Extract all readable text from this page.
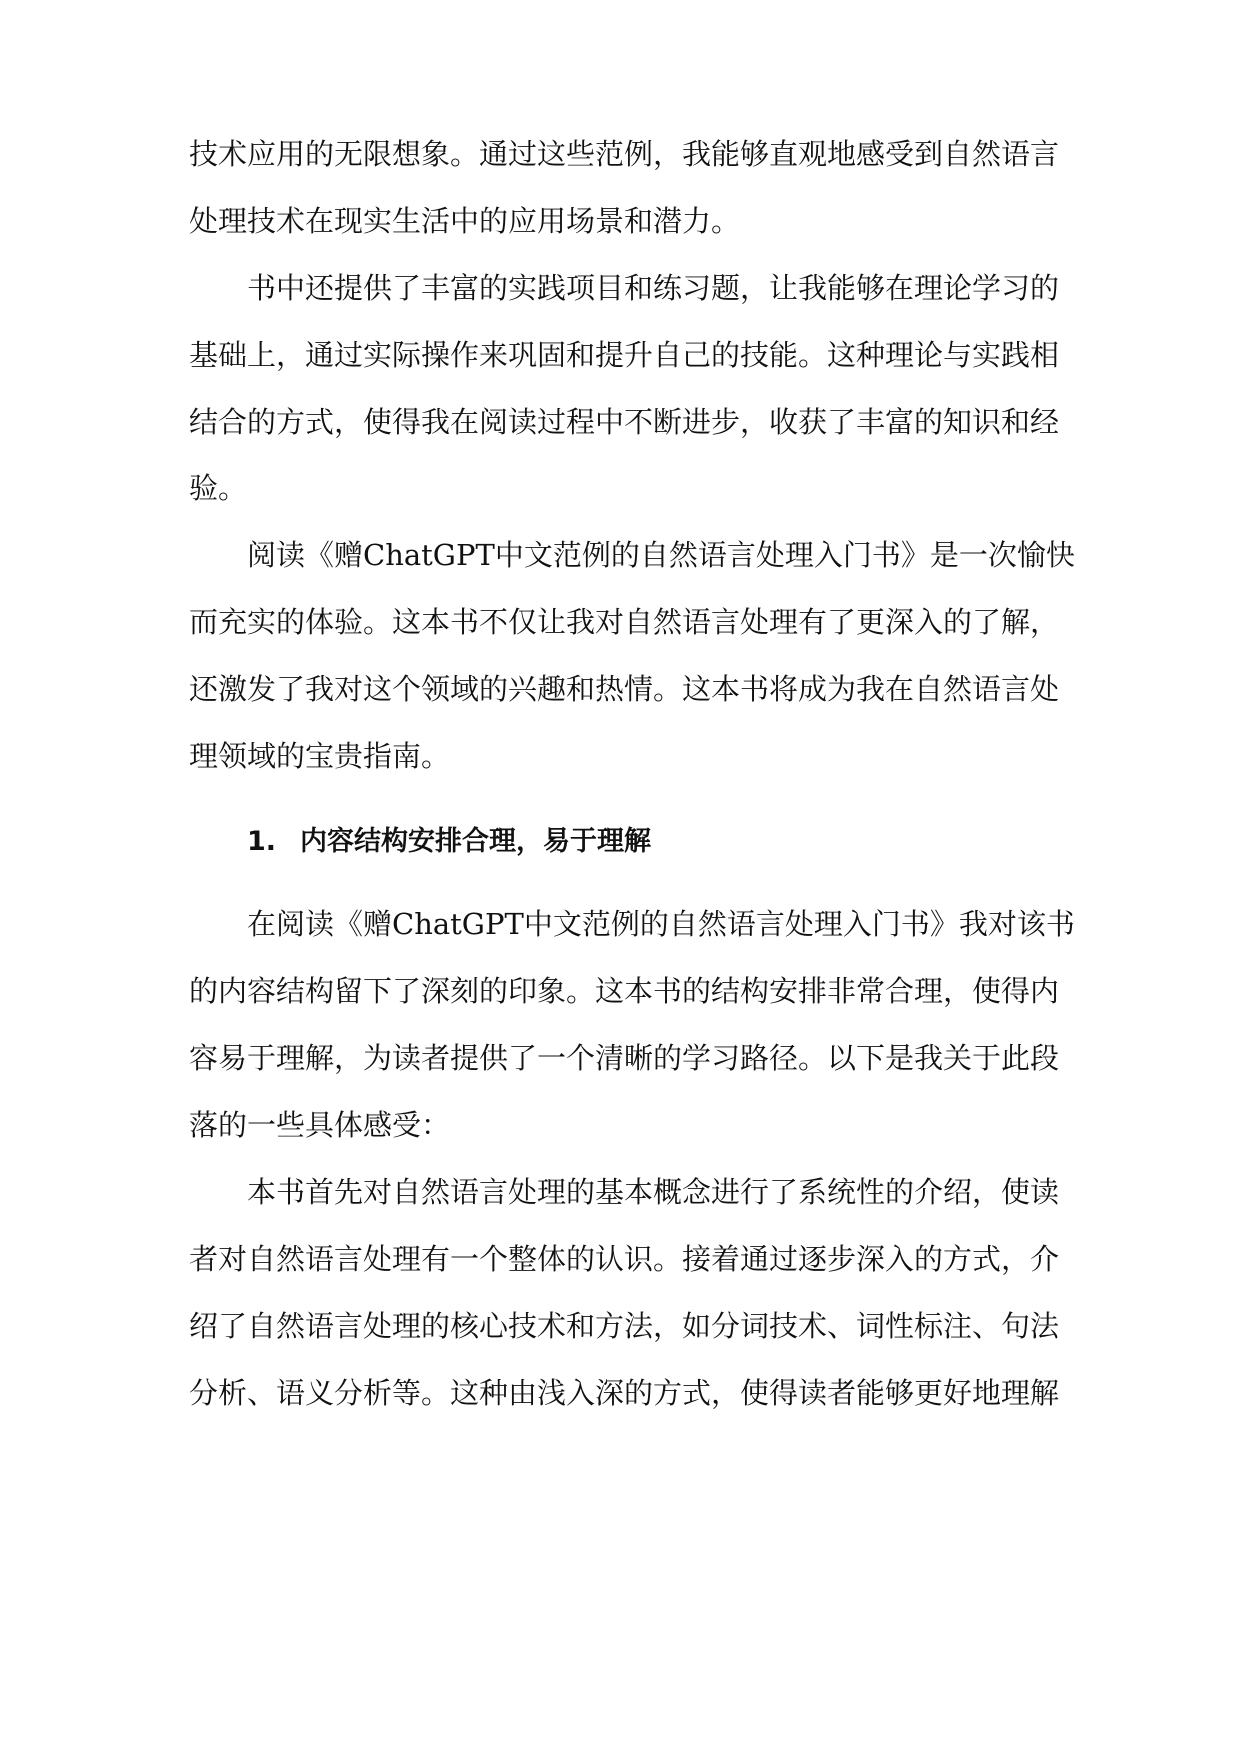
技术应用的无限想象。通过这些范例，我能够直观地感受到自然语言
处理技术在现实生活中的应用场景和潜力。
书中还提供了丰富的实践项目和练习题，让我能够在理论学习的
基础上，通过实际操作来巩固和提升自己的技能。这种理论与实践相
结合的方式，使得我在阅读过程中不断进步，收获了丰富的知识和经
验。
阅读《赠ChatGPT中文范例的自然语言处理入门书》是一次愉快
而充实的体验。这本书不仅让我对自然语言处理有了更深入的了解，
还激发了我对这个领域的兴趣和热情。这本书将成为我在自然语言处
理领域的宝贵指南。
1. 内容结构安排合理，易于理解
在阅读《赠ChatGPT中文范例的自然语言处理入门书》我对该书
的内容结构留下了深刻的印象。这本书的结构安排非常合理，使得内
容易于理解，为读者提供了一个清晰的学习路径。以下是我关于此段
落的一些具体感受：
本书首先对自然语言处理的基本概念进行了系统性的介绍，使读
者对自然语言处理有一个整体的认识。接着通过逐步深入的方式，介
绍了自然语言处理的核心技术和方法，如分词技术、词性标注、句法
分析、语义分析等。这种由浅入深的方式，使得读者能够更好地理解
